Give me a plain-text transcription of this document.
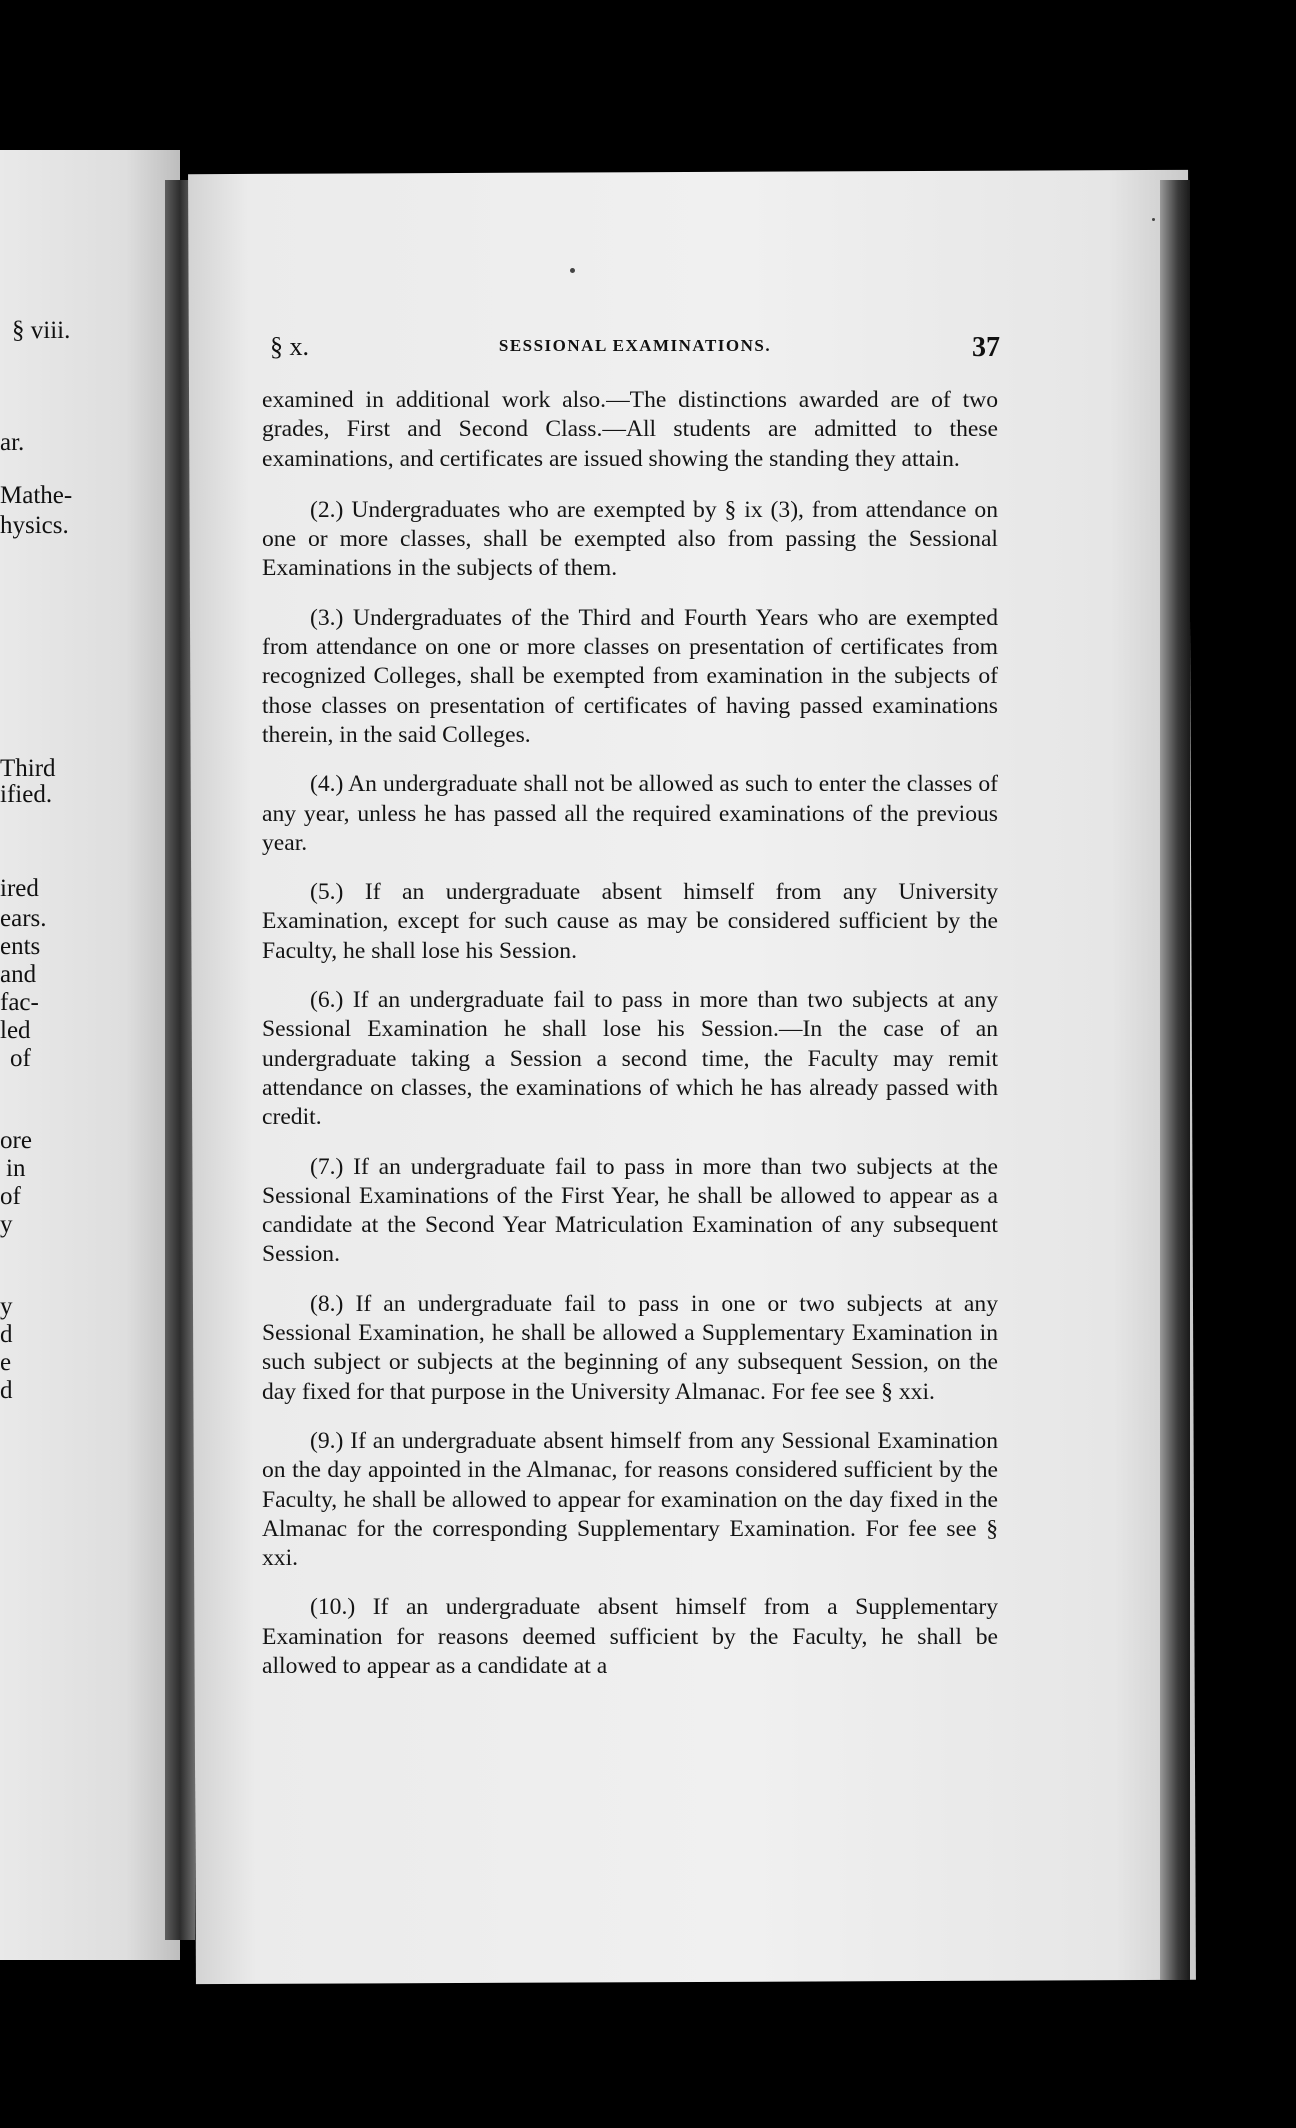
§ viii.
ar.
Mathe-
hysics.
Third
ified.
ired
ears.
ents
and
fac-
led
of
ore
in
of
y
y
d
e
d
§ x.	SESSIONAL EXAMINATIONS.	37

examined in additional work also.—The distinctions awarded are of two grades, First and Second Class.—All students are admitted to these examinations, and certificates are issued showing the standing they attain.

(2.) Undergraduates who are exempted by § ix (3), from attendance on one or more classes, shall be exempted also from passing the Sessional Examinations in the subjects of them.

(3.) Undergraduates of the Third and Fourth Years who are exempted from attendance on one or more classes on presentation of certificates from recognized Colleges, shall be exempted from examination in the subjects of those classes on presentation of certificates of having passed examinations therein, in the said Colleges.

(4.) An undergraduate shall not be allowed as such to enter the classes of any year, unless he has passed all the required examinations of the previous year.

(5.) If an undergraduate absent himself from any University Examination, except for such cause as may be considered sufficient by the Faculty, he shall lose his Session.

(6.) If an undergraduate fail to pass in more than two subjects at any Sessional Examination he shall lose his Session.—In the case of an undergraduate taking a Session a second time, the Faculty may remit attendance on classes, the examinations of which he has already passed with credit.

(7.) If an undergraduate fail to pass in more than two subjects at the Sessional Examinations of the First Year, he shall be allowed to appear as a candidate at the Second Year Matriculation Examination of any subsequent Session.

(8.) If an undergraduate fail to pass in one or two subjects at any Sessional Examination, he shall be allowed a Supplementary Examination in such subject or subjects at the beginning of any subsequent Session, on the day fixed for that purpose in the University Almanac. For fee see § xxi.

(9.) If an undergraduate absent himself from any Sessional Examination on the day appointed in the Almanac, for reasons considered sufficient by the Faculty, he shall be allowed to appear for examination on the day fixed in the Almanac for the corresponding Supplementary Examination. For fee see § xxi.

(10.) If an undergraduate absent himself from a Supplementary Examination for reasons deemed sufficient by the Faculty, he shall be allowed to appear as a candidate at a
